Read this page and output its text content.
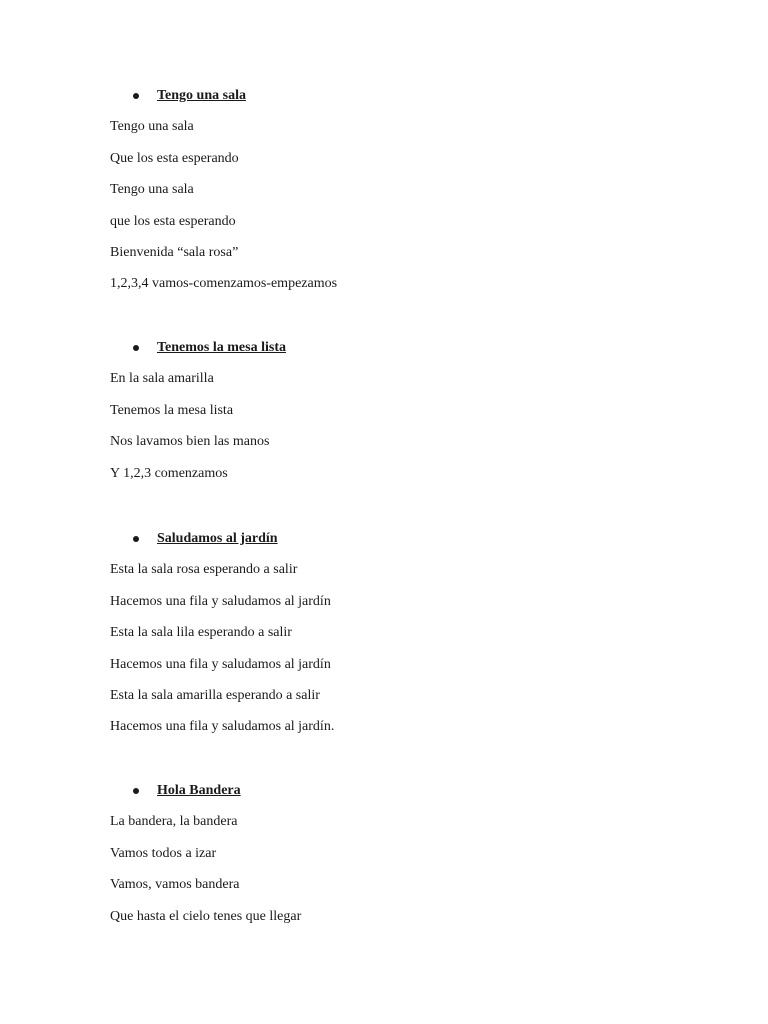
Tengo una sala
Tengo una sala
Que los esta esperando
Tengo una sala
que los esta esperando
Bienvenida “sala rosa”
1,2,3,4 vamos-comenzamos-empezamos
Tenemos la mesa lista
En la sala amarilla
Tenemos la mesa lista
Nos lavamos bien las manos
Y 1,2,3 comenzamos
Saludamos al jardín
Esta la sala rosa esperando a salir
Hacemos una fila y saludamos al jardín
Esta la sala lila esperando a salir
Hacemos una fila y saludamos al jardín
Esta la sala amarilla esperando a salir
Hacemos una fila y saludamos al jardín.
Hola Bandera
La bandera, la bandera
Vamos todos a izar
Vamos, vamos bandera
Que hasta el cielo tenes que llegar
